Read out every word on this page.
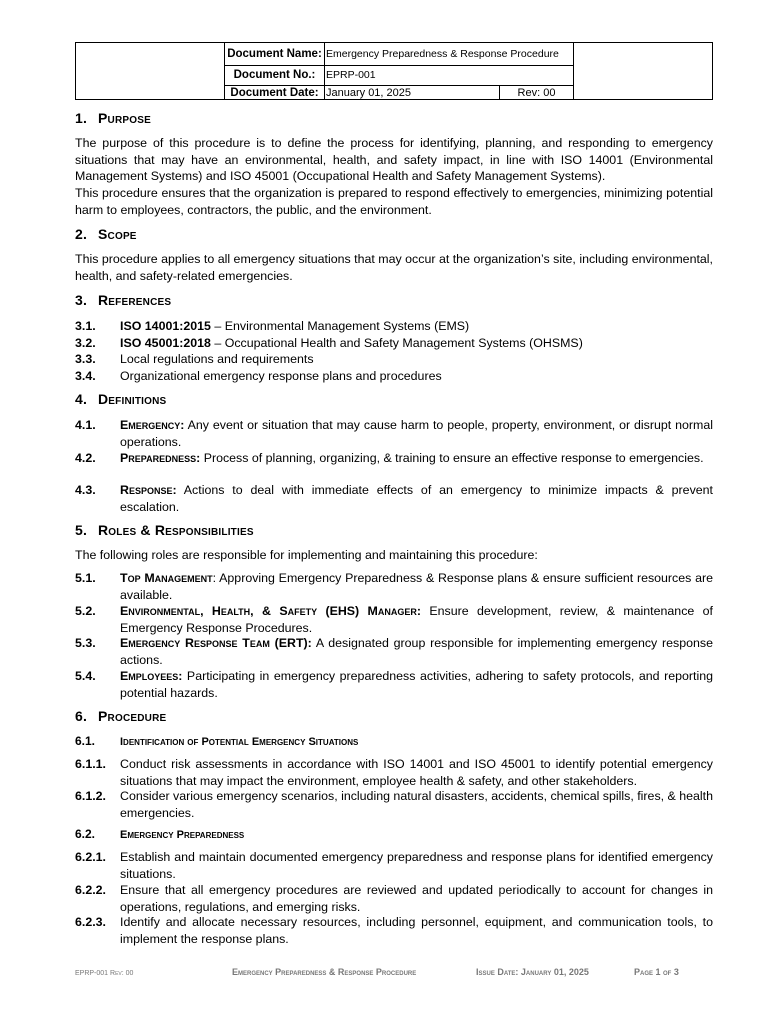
Document Name: Emergency Preparedness & Response Procedure
Document No.:	EPRP-001
Document Date: January 01, 2025	Rev: 00
1. Purpose
The purpose of this procedure is to define the process for identifying, planning, and responding to emergency situations that may have an environmental, health, and safety impact, in line with ISO 14001 (Environmental Management Systems) and ISO 45001 (Occupational Health and Safety Management Systems).
This procedure ensures that the organization is prepared to respond effectively to emergencies, minimizing potential harm to employees, contractors, the public, and the environment.
2. Scope
This procedure applies to all emergency situations that may occur at the organization’s site, including environmental, health, and safety-related emergencies.
3. References
3.1. ISO 14001:2015 – Environmental Management Systems (EMS)
3.2. ISO 45001:2018 – Occupational Health and Safety Management Systems (OHSMS)
3.3. Local regulations and requirements
3.4. Organizational emergency response plans and procedures
4. Definitions
4.1. Emergency: Any event or situation that may cause harm to people, property, environment, or disrupt normal operations.
4.2. Preparedness: Process of planning, organizing, & training to ensure an effective response to emergencies.
4.3. Response: Actions to deal with immediate effects of an emergency to minimize impacts & prevent escalation.
5. Roles & Responsibilities
The following roles are responsible for implementing and maintaining this procedure:
5.1. Top Management: Approving Emergency Preparedness & Response plans & ensure sufficient resources are available.
5.2. Environmental, Health, & Safety (EHS) Manager: Ensure development, review, & maintenance of Emergency Response Procedures.
5.3. Emergency Response Team (ERT): A designated group responsible for implementing emergency response actions.
5.4. Employees: Participating in emergency preparedness activities, adhering to safety protocols, and reporting potential hazards.
6. Procedure
6.1. Identification of Potential Emergency Situations
6.1.1. Conduct risk assessments in accordance with ISO 14001 and ISO 45001 to identify potential emergency situations that may impact the environment, employee health & safety, and other stakeholders.
6.1.2. Consider various emergency scenarios, including natural disasters, accidents, chemical spills, fires, & health emergencies.
6.2. Emergency Preparedness
6.2.1. Establish and maintain documented emergency preparedness and response plans for identified emergency situations.
6.2.2. Ensure that all emergency procedures are reviewed and updated periodically to account for changes in operations, regulations, and emerging risks.
6.2.3. Identify and allocate necessary resources, including personnel, equipment, and communication tools, to implement the response plans.
EPRP-001 Rev: 00	Emergency Preparedness & Response Procedure	Issue Date: January 01, 2025	Page 1 of 3
